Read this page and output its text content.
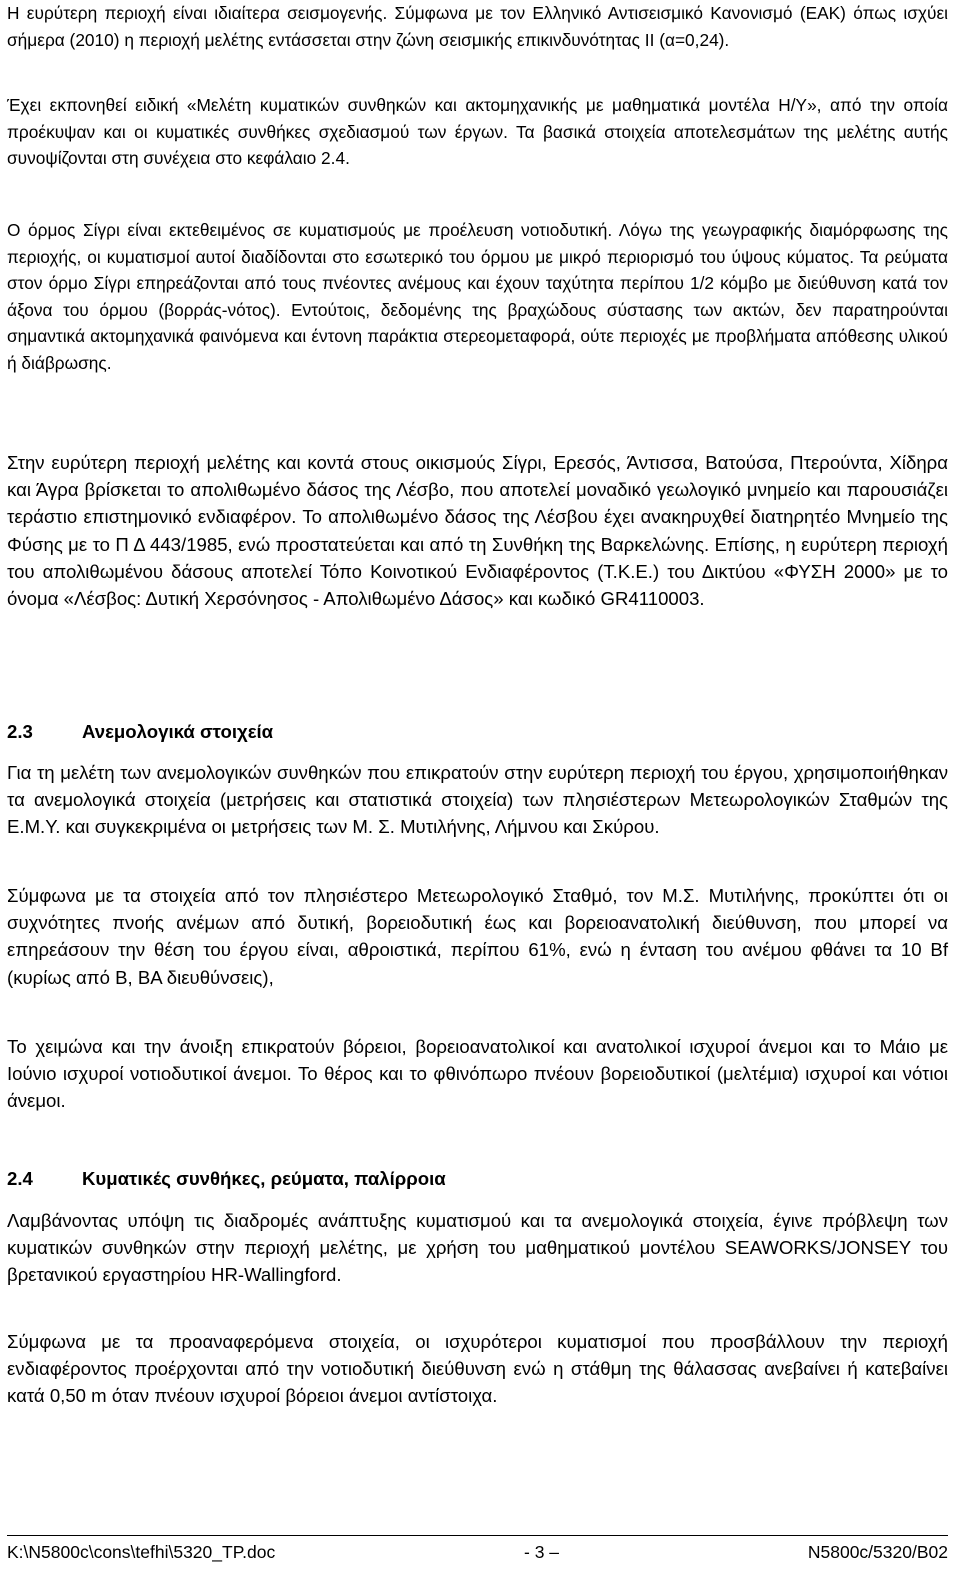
Η ευρύτερη περιοχή είναι ιδιαίτερα σεισμογενής. Σύμφωνα με τον Ελληνικό Αντισεισμικό Κανονισμό (ΕΑΚ) όπως ισχύει σήμερα (2010) η περιοχή μελέτης εντάσσεται στην ζώνη σεισμικής επικινδυνότητας ΙΙ (α=0,24).

Έχει εκπονηθεί ειδική «Μελέτη κυματικών συνθηκών και ακτομηχανικής με μαθηματικά μοντέλα Η/Υ», από την οποία προέκυψαν και οι κυματικές συνθήκες σχεδιασμού των έργων. Τα βασικά στοιχεία αποτελεσμάτων της μελέτης αυτής συνοψίζονται στη συνέχεια στο κεφάλαιο 2.4.

Ο όρμος Σίγρι είναι εκτεθειμένος σε κυματισμούς με προέλευση νοτιοδυτική. Λόγω της γεωγραφικής διαμόρφωσης της περιοχής, οι κυματισμοί αυτοί διαδίδονται στο εσωτερικό του όρμου με μικρό περιορισμό του ύψους κύματος. Τα ρεύματα στον όρμο Σίγρι επηρεάζονται από τους πνέοντες ανέμους και έχουν ταχύτητα περίπου 1/2 κόμβο με διεύθυνση κατά τον άξονα του όρμου (βορράς-νότος). Εντούτοις, δεδομένης της βραχώδους σύστασης των ακτών, δεν παρατηρούνται σημαντικά ακτομηχανικά φαινόμενα και έντονη παράκτια στερεομεταφορά, ούτε περιοχές με προβλήματα απόθεσης υλικού ή διάβρωσης.

Στην ευρύτερη περιοχή μελέτης και κοντά στους οικισμούς Σίγρι, Ερεσός, Άντισσα, Βατούσα, Πτερούντα, Χίδηρα και Άγρα βρίσκεται το απολιθωμένο δάσος της Λέσβο, που αποτελεί μοναδικό γεωλογικό μνημείο και παρουσιάζει τεράστιο επιστημονικό ενδιαφέρον. Το απολιθωμένο δάσος της Λέσβου έχει ανακηρυχθεί διατηρητέο Μνημείο της Φύσης με το Π Δ 443/1985, ενώ προστατεύεται και από τη Συνθήκη της Βαρκελώνης. Επίσης, η ευρύτερη περιοχή του απολιθωμένου δάσους αποτελεί Τόπο Κοινοτικού Ενδιαφέροντος (Τ.Κ.Ε.) του Δικτύου «ΦΥΣΗ 2000» με το όνομα «Λέσβος: Δυτική Χερσόνησος - Απολιθωμένο Δάσος» και κωδικό GR4110003.

2.3	Ανεμολογικά στοιχεία

Για τη μελέτη των ανεμολογικών συνθηκών που επικρατούν στην ευρύτερη περιοχή του έργου, χρησιμοποιήθηκαν τα ανεμολογικά στοιχεία (μετρήσεις και στατιστικά στοιχεία) των πλησιέστερων Μετεωρολογικών Σταθμών της Ε.Μ.Υ. και συγκεκριμένα οι μετρήσεις των Μ. Σ. Μυτιλήνης, Λήμνου και Σκύρου.

Σύμφωνα με τα στοιχεία από τον πλησιέστερο Μετεωρολογικό Σταθμό, τον Μ.Σ. Μυτιλήνης, προκύπτει ότι οι συχνότητες πνοής ανέμων από δυτική, βορειοδυτική έως και βορειοανατολική διεύθυνση, που μπορεί να επηρεάσουν την θέση του έργου είναι, αθροιστικά, περίπου 61%, ενώ η ένταση του ανέμου φθάνει τα 10 Bf (κυρίως από Β, ΒΑ διευθύνσεις),

Το χειμώνα και την άνοιξη επικρατούν βόρειοι, βορειοανατολικοί και ανατολικοί ισχυροί άνεμοι και το Μάιο με Ιούνιο ισχυροί νοτιοδυτικοί άνεμοι. Το θέρος και το φθινόπωρο πνέουν βορειοδυτικοί (μελτέμια) ισχυροί και νότιοι άνεμοι.

2.4	Κυματικές συνθήκες, ρεύματα, παλίρροια

Λαμβάνοντας υπόψη τις διαδρομές ανάπτυξης κυματισμού και τα ανεμολογικά στοιχεία, έγινε πρόβλεψη των κυματικών συνθηκών στην περιοχή μελέτης, με χρήση του μαθηματικού μοντέλου SEAWORKS/JONSEY του βρετανικού εργαστηρίου HR-Wallingford.

Σύμφωνα με τα προαναφερόμενα στοιχεία, οι ισχυρότεροι κυματισμοί που προσβάλλουν την περιοχή ενδιαφέροντος προέρχονται από την νοτιοδυτική διεύθυνση ενώ η στάθμη της θάλασσας ανεβαίνει ή κατεβαίνει κατά 0,50 m όταν πνέουν ισχυροί βόρειοι άνεμοι αντίστοιχα.

K:\N5800c\cons\tefhi\5320_TP.doc	- 3 –	N5800c/5320/B02
